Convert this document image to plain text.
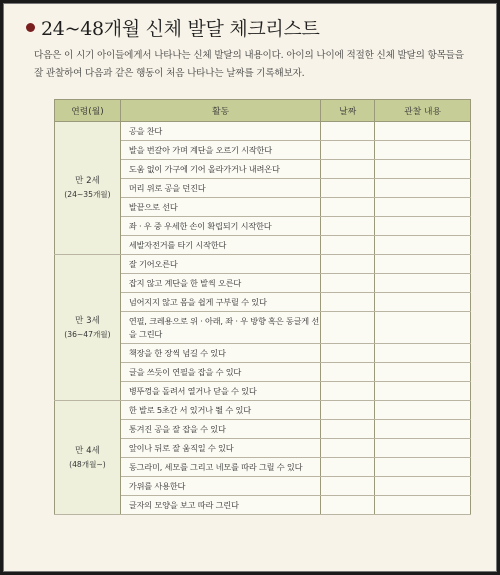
24~48개월 신체 발달 체크리스트

다음은 이 시기 아이들에게서 나타나는 신체 발달의 내용이다. 아이의 나이에 적절한 신체 발달의 항목들을 잘 관찰하여 다음과 같은 행동이 처음 나타나는 날짜를 기록해보자.

연령(월)	활동	날짜	관찰 내용

만 2세
(24~35개월)	공을 찬다		

	발을 번갈아 가며 계단을 오르기 시작한다		

	도움 없이 가구에 기어 올라가거나 내려온다		

	머리 위로 공을 던진다		

	발끝으로 선다		

	좌 · 우 중 우세한 손이 확립되기 시작한다		

	세발자전거를 타기 시작한다		

만 3세
(36~47개월)	잘 기어오른다		

	잡지 않고 계단을 한 발씩 오른다		

	넘어지지 않고 몸을 쉽게 구부릴 수 있다		

	연필, 크레용으로 위 · 아래, 좌 · 우 방향 혹은 동글게 선을 그린다		

	책장을 한 장씩 넘길 수 있다		

	글을 쓰듯이 연필을 잡을 수 있다		

	병뚜껑을 돌려서 열거나 닫을 수 있다		

만 4세
(48개월~)	한 발로 5초간 서 있거나 뛸 수 있다		

	통겨진 공을 잘 잡을 수 있다		

	앞이나 뒤로 잘 움직일 수 있다		

	동그라미, 세모를 그리고 네모를 따라 그릴 수 있다		

	가위를 사용한다		

	글자의 모양을 보고 따라 그린다		
